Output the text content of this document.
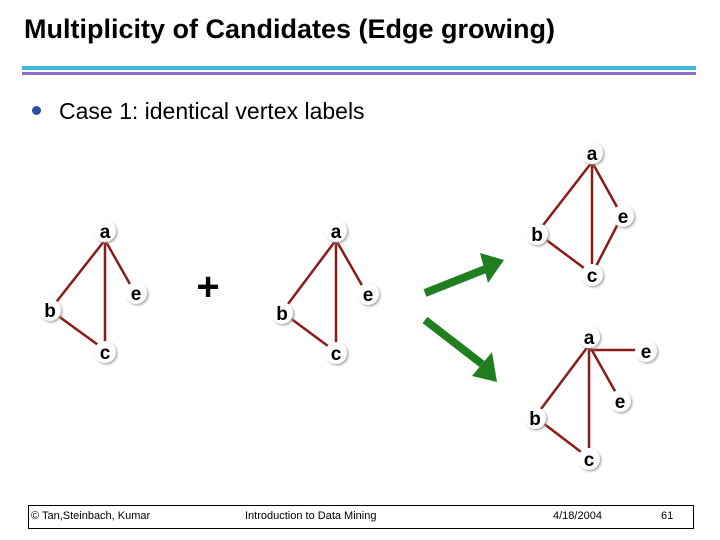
Multiplicity of Candidates (Edge growing)
Case 1: identical vertex labels
a
b
e
c
+
a
b
e
c
a
b
e
c
a
e
e
b
c
© Tan,Steinbach, Kumar	Introduction to Data Mining	4/18/2004	61
